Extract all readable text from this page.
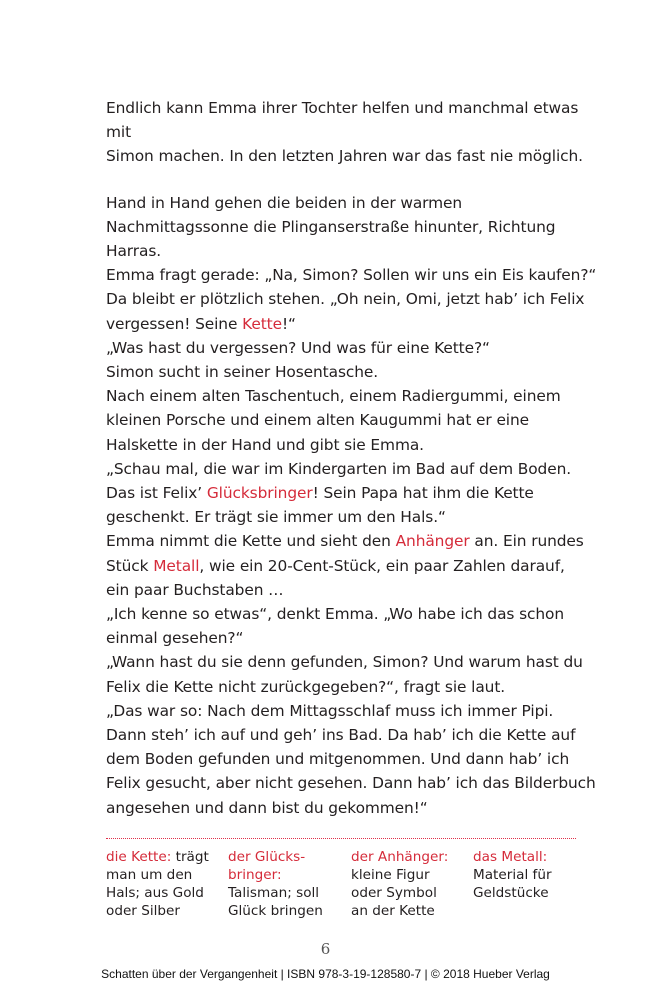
Endlich kann Emma ihrer Tochter helfen und manchmal etwas mit
Simon machen. In den letzten Jahren war das fast nie möglich.

Hand in Hand gehen die beiden in der warmen
Nachmittagssonne die Plinganserstraße hinunter, Richtung
Harras.
Emma fragt gerade: „Na, Simon? Sollen wir uns ein Eis kaufen?“
Da bleibt er plötzlich stehen. „Oh nein, Omi, jetzt hab’ ich Felix
vergessen! Seine Kette!“
„Was hast du vergessen? Und was für eine Kette?“
Simon sucht in seiner Hosentasche.
Nach einem alten Taschentuch, einem Radiergummi, einem
kleinen Porsche und einem alten Kaugummi hat er eine
Halskette in der Hand und gibt sie Emma.
„Schau mal, die war im Kindergarten im Bad auf dem Boden.
Das ist Felix’ Glücksbringer! Sein Papa hat ihm die Kette
geschenkt. Er trägt sie immer um den Hals.“
Emma nimmt die Kette und sieht den Anhänger an. Ein rundes
Stück Metall, wie ein 20-Cent-Stück, ein paar Zahlen darauf,
ein paar Buchstaben …
„Ich kenne so etwas“, denkt Emma. „Wo habe ich das schon
einmal gesehen?“
„Wann hast du sie denn gefunden, Simon? Und warum hast du
Felix die Kette nicht zurückgegeben?“, fragt sie laut.
„Das war so: Nach dem Mittagsschlaf muss ich immer Pipi.
Dann steh’ ich auf und geh’ ins Bad. Da hab’ ich die Kette auf
dem Boden gefunden und mitgenommen. Und dann hab’ ich
Felix gesucht, aber nicht gesehen. Dann hab’ ich das Bilderbuch
angesehen und dann bist du gekommen!“

die Kette: trägt
man um den
Hals; aus Gold
oder Silber
der Glücks-
bringer:
Talisman; soll
Glück bringen
der Anhänger:
kleine Figur
oder Symbol
an der Kette
das Metall:
Material für
Geldstücke
6
Schatten über der Vergangenheit | ISBN 978-3-19-128580-7 | © 2018 Hueber Verlag
